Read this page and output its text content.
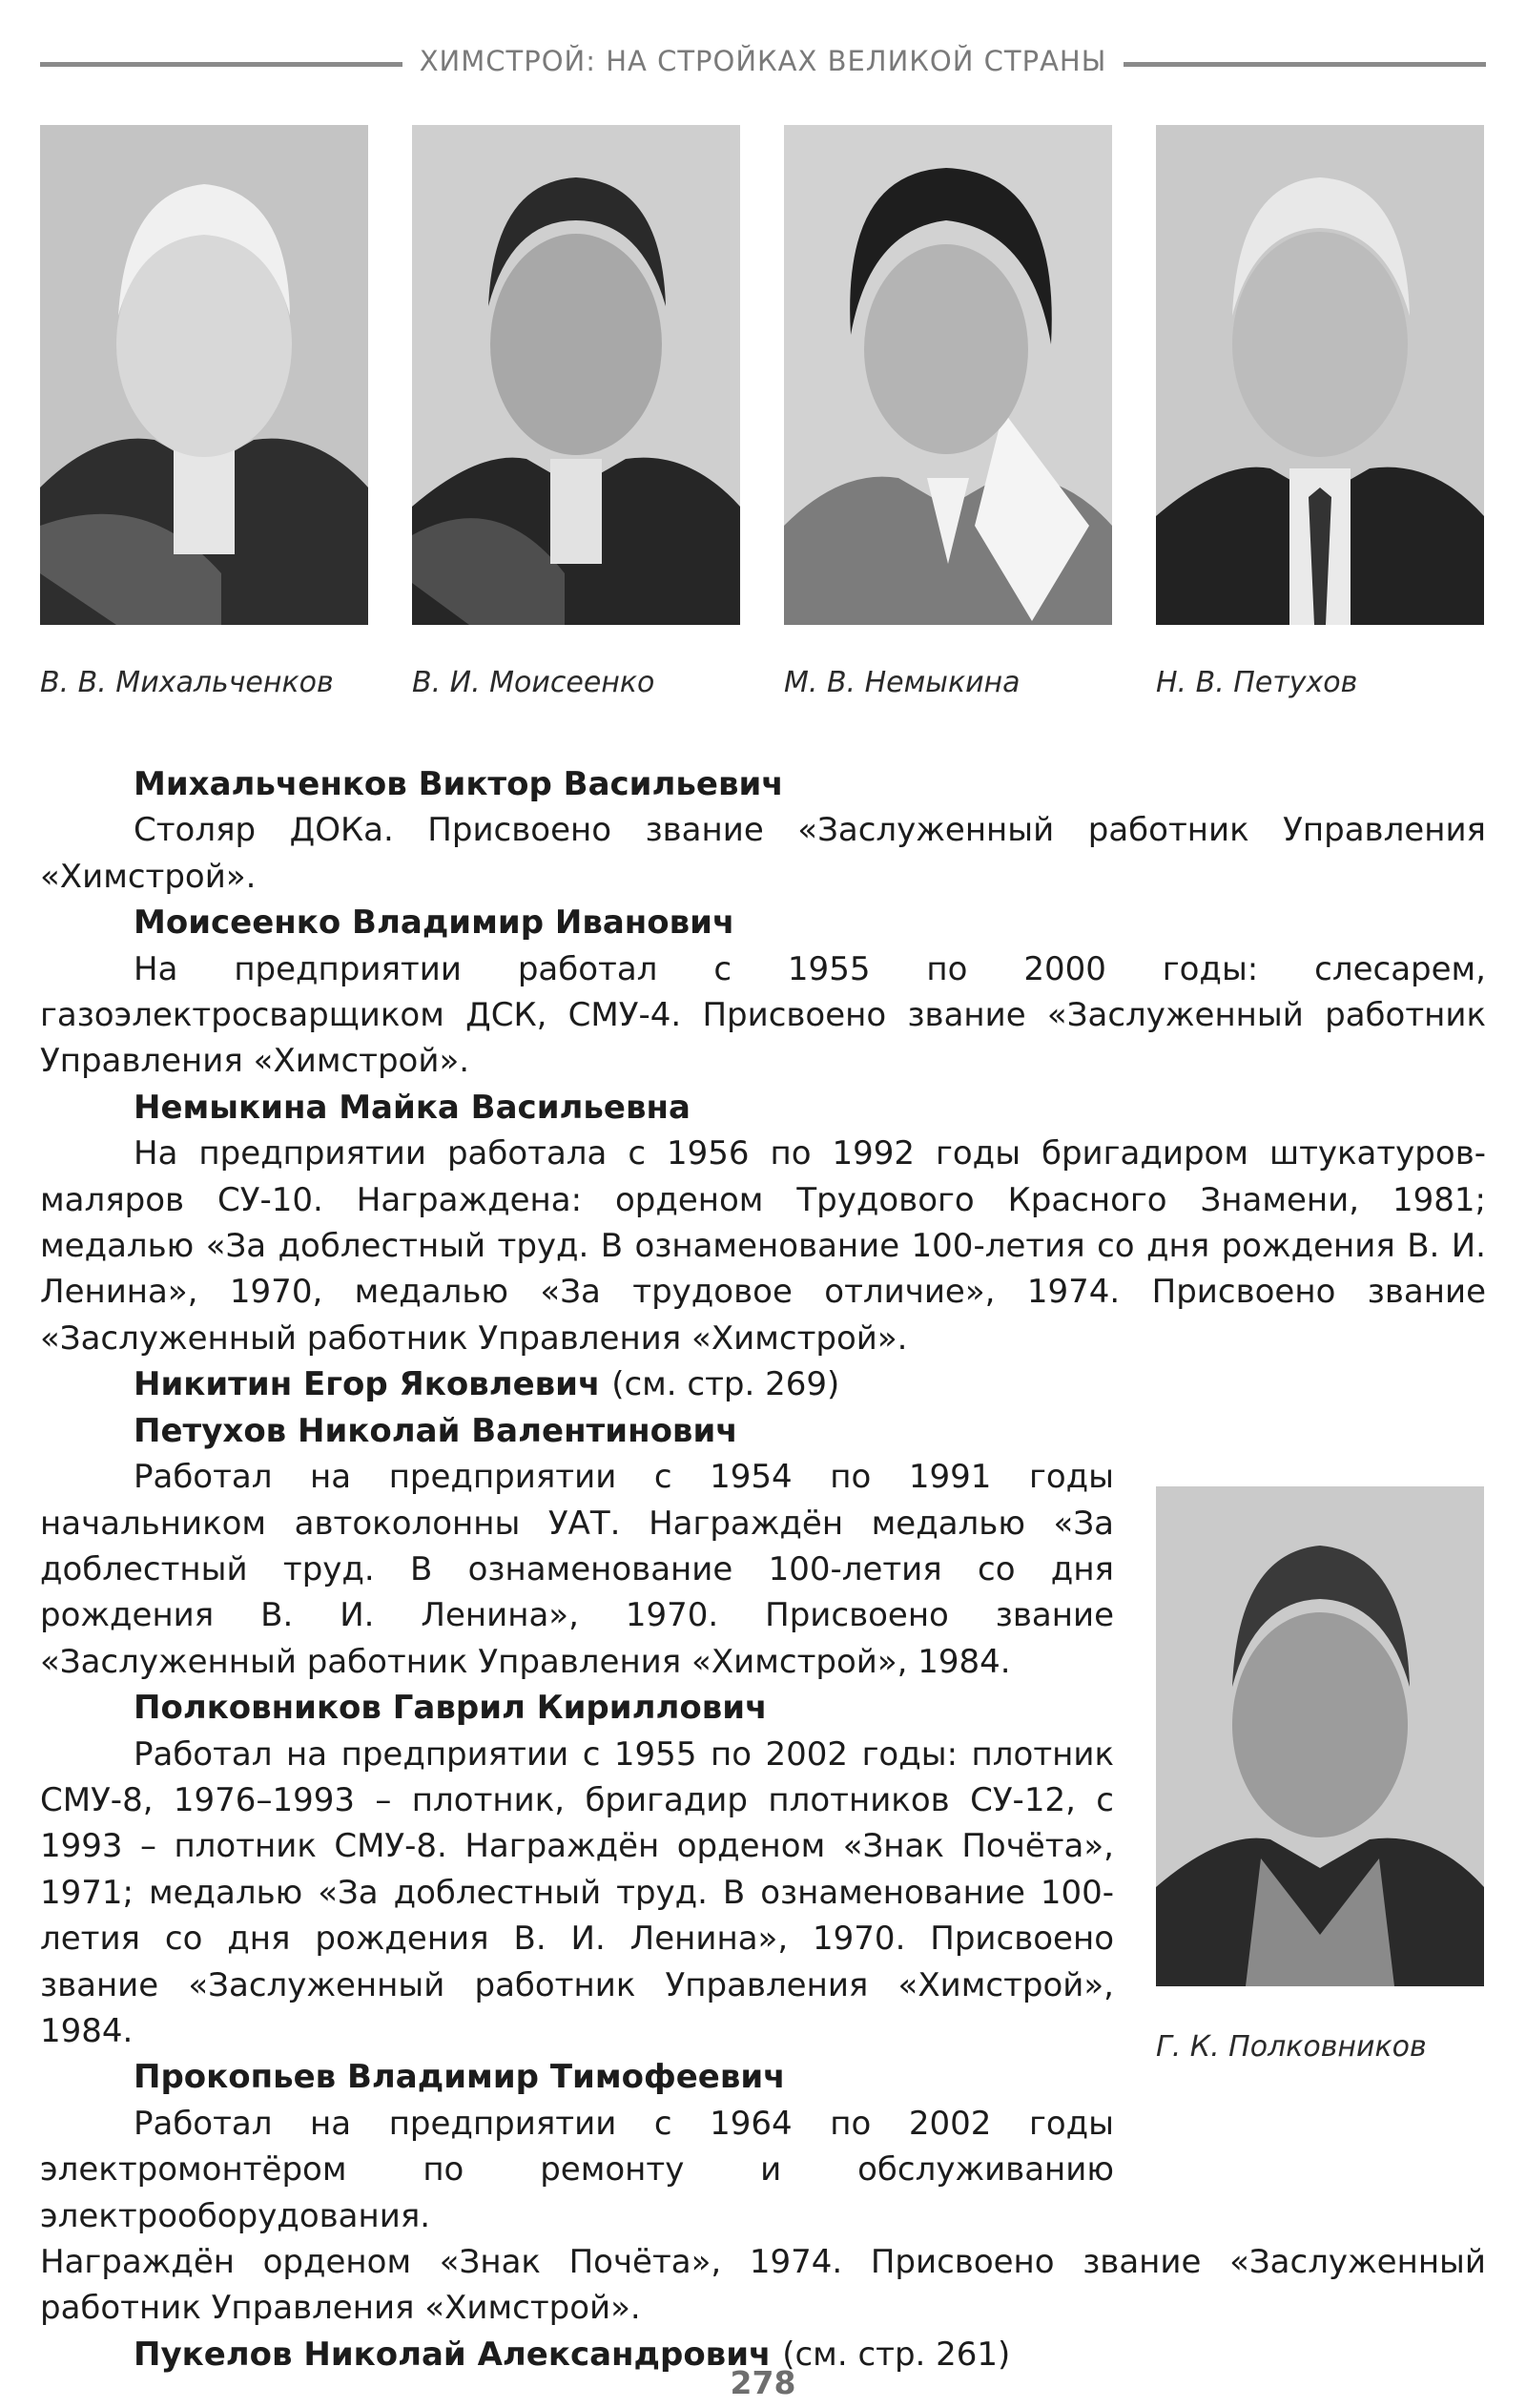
ХИМСТРОЙ: НА СТРОЙКАХ ВЕЛИКОЙ СТРАНЫ
В. В. Михальченков	В. И. Моисеенко	М. В. Немыкина	Н. В. Петухов
Г. К. Полковников
Михальченков Виктор Васильевич
Столяр ДОКа. Присвоено звание «Заслуженный работник Управления «Химстрой».
Моисеенко Владимир Иванович
На предприятии работал с 1955 по 2000 годы: слесарем, газоэлектросварщиком ДСК, СМУ-4. Присвоено звание «Заслуженный работник Управления «Химстрой».
Немыкина Майка Васильевна
На предприятии работала с 1956 по 1992 годы бригадиром штукатуров-маляров СУ-10. Награждена: орденом Трудового Красного Знамени, 1981; медалью «За доблестный труд. В ознаменование 100-летия со дня рождения В. И. Ленина», 1970, медалью «За трудовое отличие», 1974. Присвоено звание «Заслуженный работник Управления «Химстрой».
Никитин Егор Яковлевич (см. стр. 269)
Петухов Николай Валентинович
Работал на предприятии с 1954 по 1991 годы начальником автоколонны УАТ. Награждён медалью «За доблестный труд. В ознаменование 100-летия со дня рождения В. И. Ленина», 1970. Присвоено звание «Заслуженный работник Управления «Химстрой», 1984.
Полковников Гаврил Кириллович
Работал на предприятии с 1955 по 2002 годы: плотник СМУ-8, 1976–1993 – плотник, бригадир плотников СУ-12, с 1993 – плотник СМУ-8. Награждён орденом «Знак Почёта», 1971; медалью «За доблестный труд. В ознаменование 100-летия со дня рождения В. И. Ленина», 1970. Присвоено звание «Заслуженный работник Управления «Химстрой», 1984.
Прокопьев Владимир Тимофеевич
Работал на предприятии с 1964 по 2002 годы электромонтёром по ремонту и обслуживанию электрооборудования.
Награждён орденом «Знак Почёта», 1974. Присвоено звание «Заслуженный работник Управления «Химстрой».
Пукелов Николай Александрович (см. стр. 261)
278
